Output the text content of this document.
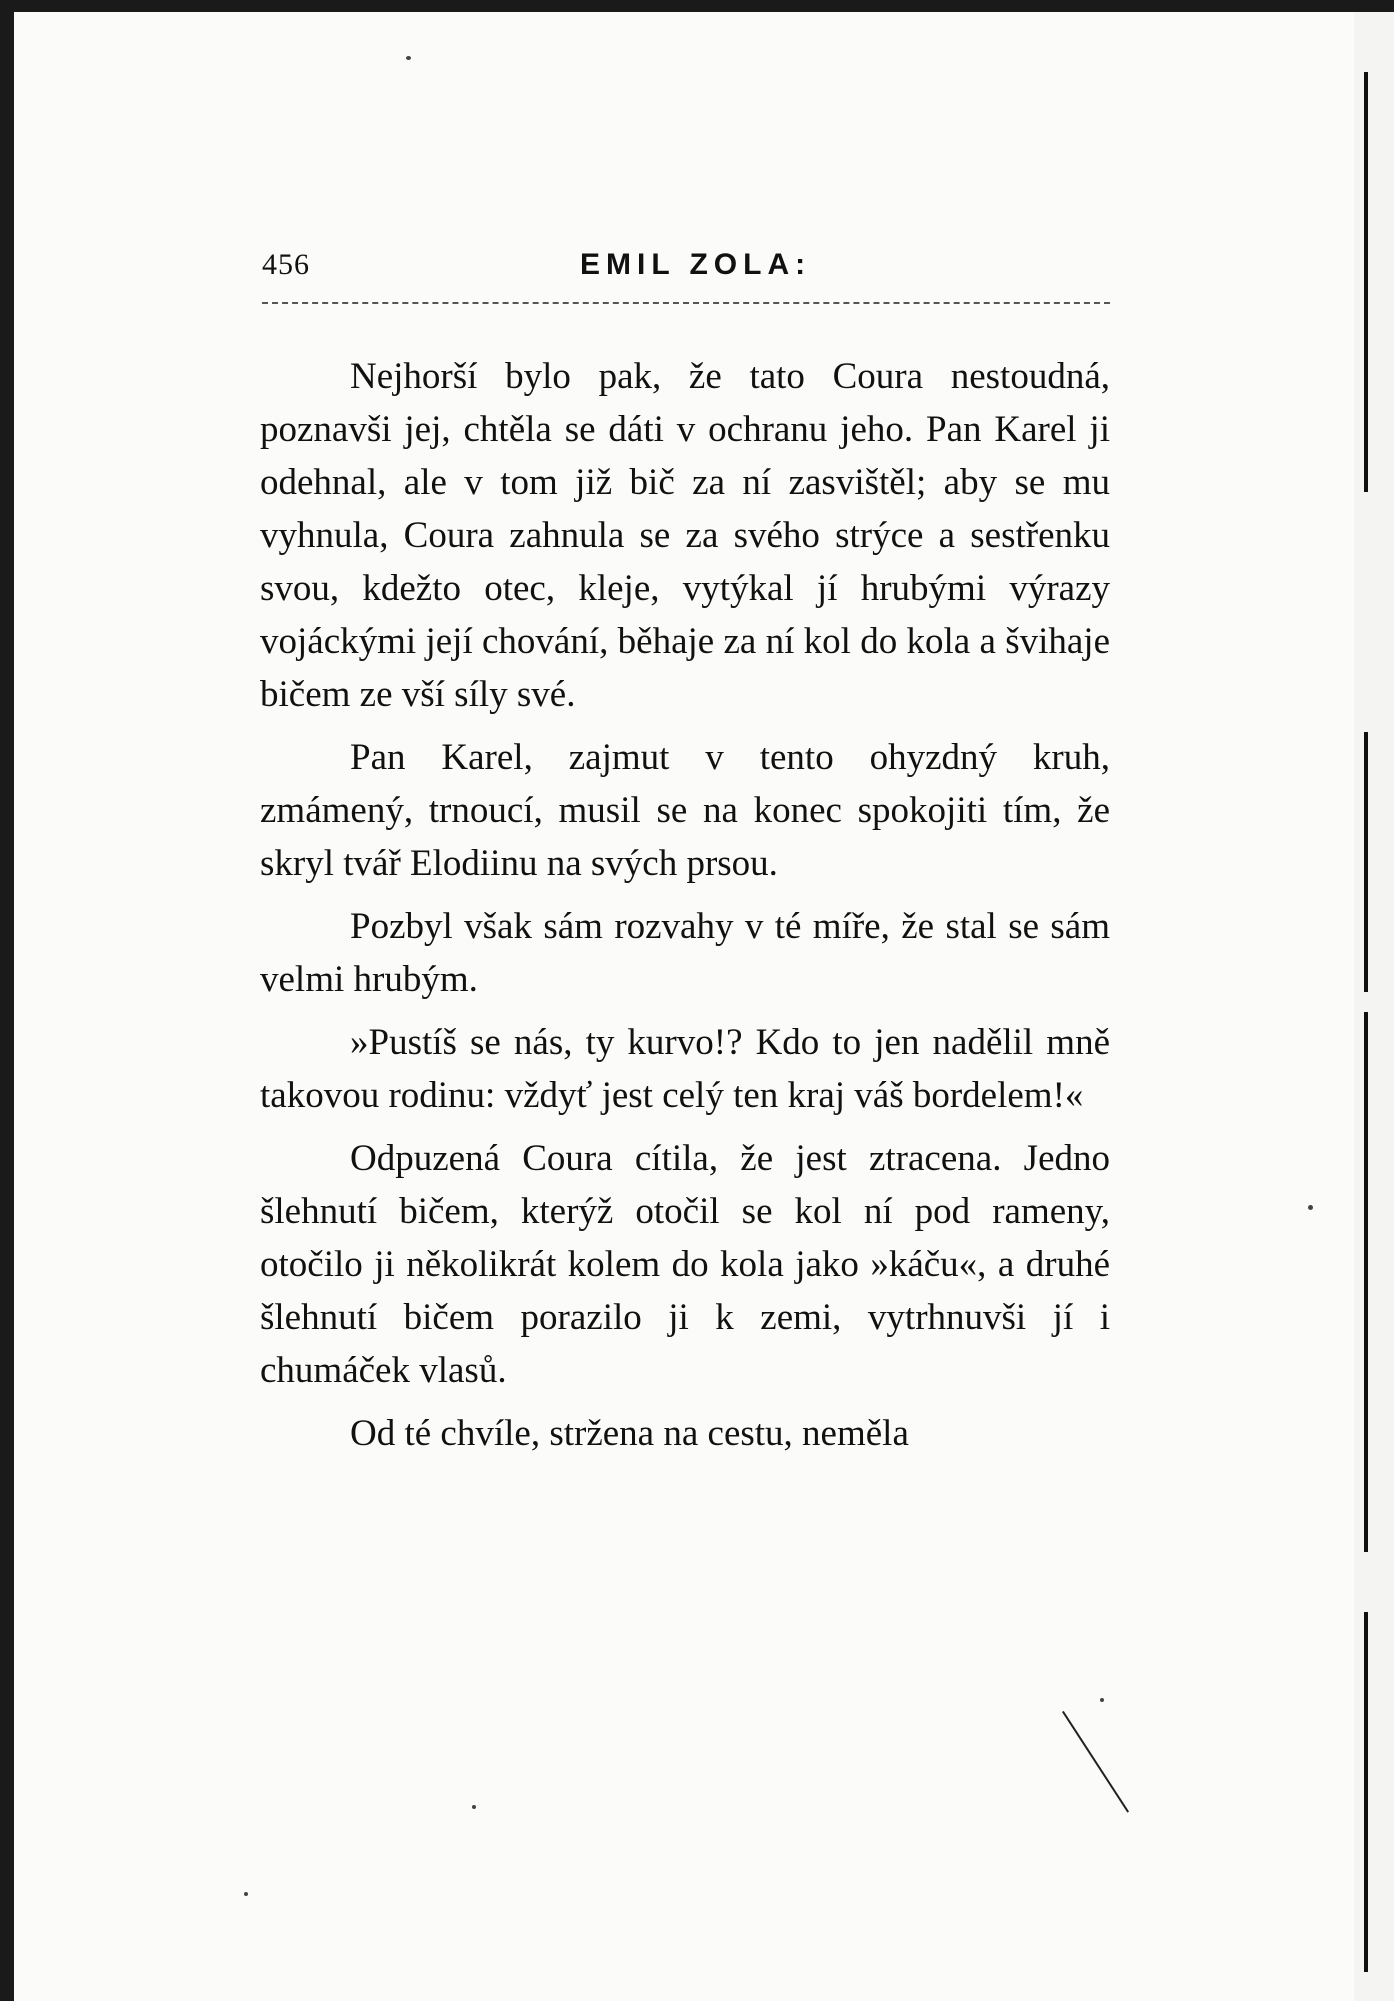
456	EMIL ZOLA:

Nejhorší bylo pak, že tato Coura nestoudná, poznavši jej, chtěla se dáti v ochranu jeho. Pan Karel ji odehnal, ale v tom již bič za ní zasvištěl; aby se mu vyhnula, Coura zahnula se za svého strýce a sestřenku svou, kdežto otec, kleje, vytýkal jí hrubými výrazy vojáckými její chování, běhaje za ní kol do kola a švihaje bičem ze vší síly své.

Pan Karel, zajmut v tento ohyzdný kruh, zmámený, trnoucí, musil se na konec spokojiti tím, že skryl tvář Elodiinu na svých prsou.

Pozbyl však sám rozvahy v té míře, že stal se sám velmi hrubým.

»Pustíš se nás, ty kurvo!? Kdo to jen nadělil mně takovou rodinu: vždyť jest celý ten kraj váš bordelem!«

Odpuzená Coura cítila, že jest ztracena. Jedno šlehnutí bičem, kterýž otočil se kol ní pod rameny, otočilo ji několikrát kolem do kola jako »káču«, a druhé šlehnutí bičem porazilo ji k zemi, vytrhnuvši jí i chumáček vlasů.

Od té chvíle, stržena na cestu, neměla
